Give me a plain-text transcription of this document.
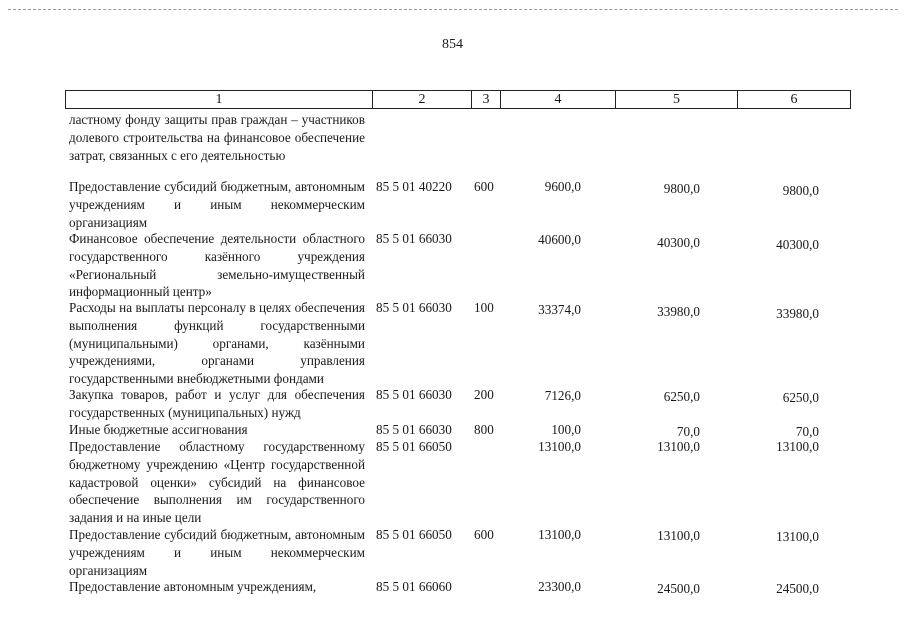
854
1	2	3	4	5	6
ластному фонду защиты прав граждан – участников долевого строительства на финансовое обеспечение затрат, связанных с его деятельностью
Предоставление субсидий бюджетным, автономным учреждениям и иным некоммерческим организациям
85 5 01 40220 600	9600,0	9800,0	9800,0
Финансовое обеспечение деятельности областного государственного казённого учреждения «Региональный земельно-имущественный информационный центр»
85 5 01 66030	40600,0	40300,0	40300,0
Расходы на выплаты персоналу в целях обеспечения выполнения функций государственными (муниципальными) органами, казёнными учреждениями, органами управления государственными внебюджетными фондами
85 5 01 66030 100	33374,0	33980,0	33980,0
Закупка товаров, работ и услуг для обеспечения государственных (муниципальных) нужд
85 5 01 66030 200	7126,0	6250,0	6250,0
Иные бюджетные ассигнования	85 5 01 66030 800	100,0	70,0	70,0
Предоставление областному государственному бюджетному учреждению «Центр государственной кадастровой оценки» субсидий на финансовое обеспечение выполнения им государственного задания и на иные цели
85 5 01 66050	13100,0	13100,0	13100,0
Предоставление субсидий бюджетным, автономным учреждениям и иным некоммерческим организациям
85 5 01 66050 600	13100,0	13100,0	13100,0
Предоставление автономным учреждениям,	85 5 01 66060	23300,0	24500,0	24500,0
